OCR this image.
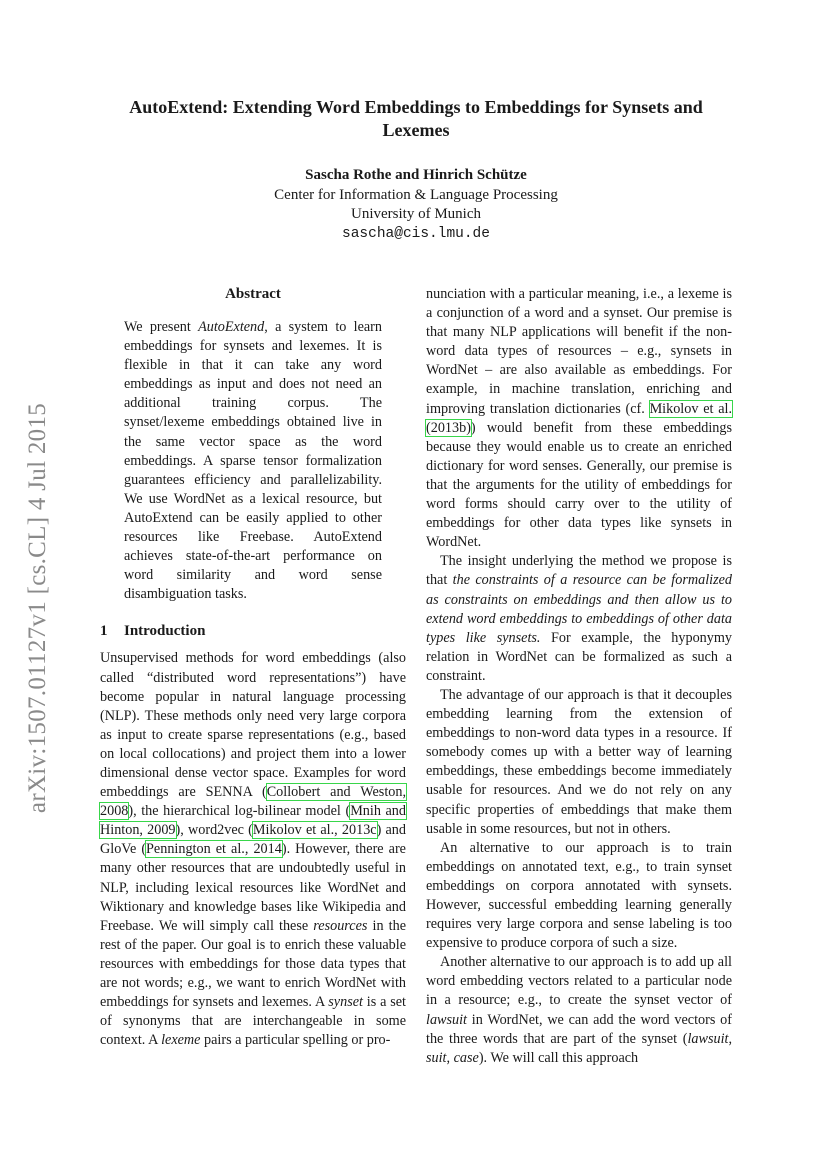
arXiv:1507.01127v1 [cs.CL] 4 Jul 2015
AutoExtend: Extending Word Embeddings to Embeddings for Synsets and Lexemes
Sascha Rothe and Hinrich Schütze
Center for Information & Language Processing
University of Munich
sascha@cis.lmu.de
Abstract

We present AutoExtend, a system to learn embeddings for synsets and lexemes. It is flexible in that it can take any word embeddings as input and does not need an additional training corpus. The synset/lexeme embeddings obtained live in the same vector space as the word embeddings. A sparse tensor formalization guarantees efficiency and parallelizability. We use WordNet as a lexical resource, but AutoExtend can be easily applied to other resources like Freebase. AutoExtend achieves state-of-the-art performance on word similarity and word sense disambiguation tasks.

1 Introduction

Unsupervised methods for word embeddings (also called “distributed word representations”) have become popular in natural language processing (NLP). These methods only need very large corpora as input to create sparse representations (e.g., based on local collocations) and project them into a lower dimensional dense vector space. Examples for word embeddings are SENNA (Collobert and Weston, 2008), the hierarchical log-bilinear model (Mnih and Hinton, 2009), word2vec (Mikolov et al., 2013c) and GloVe (Pennington et al., 2014). However, there are many other resources that are undoubtedly useful in NLP, including lexical resources like WordNet and Wiktionary and knowledge bases like Wikipedia and Freebase. We will simply call these resources in the rest of the paper. Our goal is to enrich these valuable resources with embeddings for those data types that are not words; e.g., we want to enrich WordNet with embeddings for synsets and lexemes. A synset is a set of synonyms that are interchangeable in some context. A lexeme pairs a particular spelling or pro-

nunciation with a particular meaning, i.e., a lexeme is a conjunction of a word and a synset. Our premise is that many NLP applications will benefit if the non-word data types of resources – e.g., synsets in WordNet – are also available as embeddings. For example, in machine translation, enriching and improving translation dictionaries (cf. Mikolov et al. (2013b)) would benefit from these embeddings because they would enable us to create an enriched dictionary for word senses. Generally, our premise is that the arguments for the utility of embeddings for word forms should carry over to the utility of embeddings for other data types like synsets in WordNet.

The insight underlying the method we propose is that the constraints of a resource can be formalized as constraints on embeddings and then allow us to extend word embeddings to embeddings of other data types like synsets. For example, the hyponymy relation in WordNet can be formalized as such a constraint.

The advantage of our approach is that it decouples embedding learning from the extension of embeddings to non-word data types in a resource. If somebody comes up with a better way of learning embeddings, these embeddings become immediately usable for resources. And we do not rely on any specific properties of embeddings that make them usable in some resources, but not in others.

An alternative to our approach is to train embeddings on annotated text, e.g., to train synset embeddings on corpora annotated with synsets. However, successful embedding learning generally requires very large corpora and sense labeling is too expensive to produce corpora of such a size.

Another alternative to our approach is to add up all word embedding vectors related to a particular node in a resource; e.g., to create the synset vector of lawsuit in WordNet, we can add the word vectors of the three words that are part of the synset (lawsuit, suit, case). We will call this approach
